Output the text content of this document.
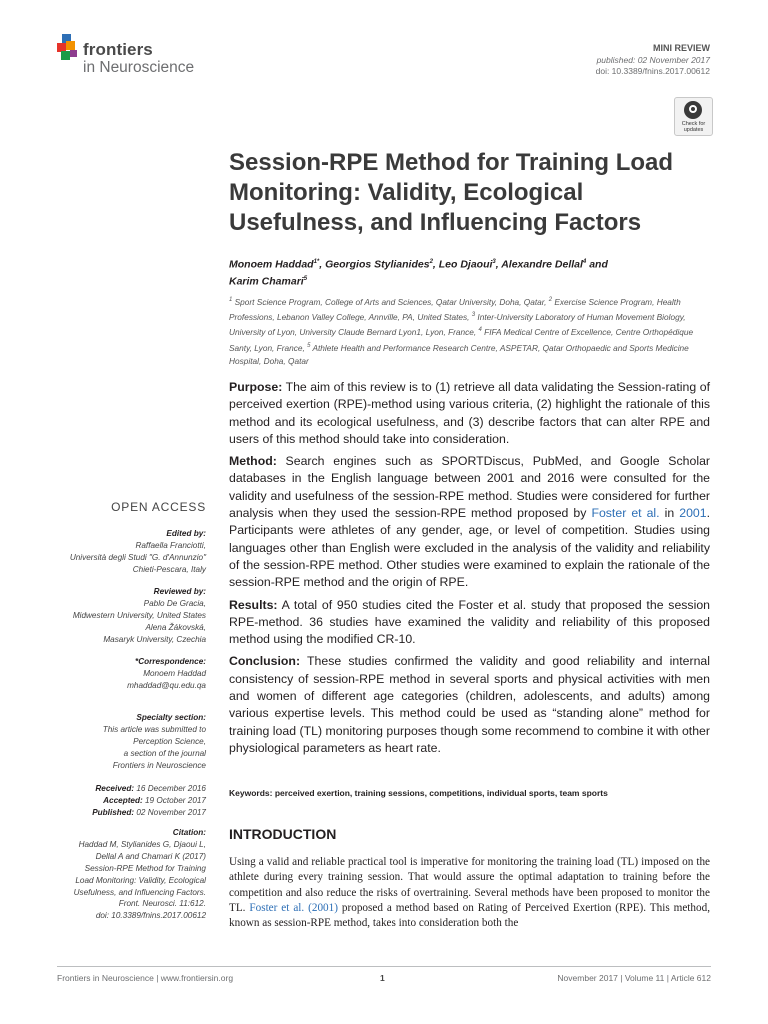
frontiers
in Neuroscience
MINI REVIEW
published: 02 November 2017
doi: 10.3389/fnins.2017.00612
Check for updates
Session-RPE Method for Training Load Monitoring: Validity, Ecological Usefulness, and Influencing Factors
Monoem Haddad$^{1*}$, Georgios Stylianides$^2$, Leo Djaoui$^3$, Alexandre Dellal$^4$ and
Karim Chamari$^5$
$^1$ Sport Science Program, College of Arts and Sciences, Qatar University, Doha, Qatar, $^2$ Exercise Science Program, Health Professions, Lebanon Valley College, Annville, PA, United States, $^3$ Inter-University Laboratory of Human Movement Biology, University of Lyon, University Claude Bernard Lyon1, Lyon, France, $^4$ FIFA Medical Centre of Excellence, Centre Orthopédique Santy, Lyon, France, $^5$ Athlete Health and Performance Research Centre, ASPETAR, Qatar Orthopaedic and Sports Medicine Hospital, Doha, Qatar

Purpose: The aim of this review is to (1) retrieve all data validating the Session-rating of perceived exertion (RPE)-method using various criteria, (2) highlight the rationale of this method and its ecological usefulness, and (3) describe factors that can alter RPE and users of this method should take into consideration.

Method: Search engines such as SPORTDiscus, PubMed, and Google Scholar databases in the English language between 2001 and 2016 were consulted for the validity and usefulness of the session-RPE method. Studies were considered for further analysis when they used the session-RPE method proposed by Foster et al. in 2001. Participants were athletes of any gender, age, or level of competition. Studies using languages other than English were excluded in the analysis of the validity and reliability of the session-RPE method. Other studies were examined to explain the rationale of the session-RPE method and the origin of RPE.

Results: A total of 950 studies cited the Foster et al. study that proposed the session RPE-method. 36 studies have examined the validity and reliability of this proposed method using the modified CR-10.

Conclusion: These studies confirmed the validity and good reliability and internal consistency of session-RPE method in several sports and physical activities with men and women of different age categories (children, adolescents, and adults) among various expertise levels. This method could be used as “standing alone” method for training load (TL) monitoring purposes though some recommend to combine it with other physiological parameters as heart rate.

Keywords: perceived exertion, training sessions, competitions, individual sports, team sports
INTRODUCTION
Using a valid and reliable practical tool is imperative for monitoring the training load (TL) imposed on the athlete during every training session. That would assure the optimal adaptation to training before the competition and also reduce the risks of overtraining. Several methods have been proposed to monitor the TL. Foster et al. (2001) proposed a method based on Rating of Perceived Exertion (RPE). This method, known as session-RPE method, takes into consideration both the
OPEN ACCESS
Edited by:
Raffaella Franciotti,
Università degli Studi "G. d'Annunzio"
Chieti-Pescara, Italy
Reviewed by:
Pablo De Gracia,
Midwestern University, United States
Alena Žákovská,
Masaryk University, Czechia
*Correspondence:
Monoem Haddad
mhaddad@qu.edu.qa
Specialty section:
This article was submitted to
Perception Science,
a section of the journal
Frontiers in Neuroscience
Received: 16 December 2016
Accepted: 19 October 2017
Published: 02 November 2017
Citation:
Haddad M, Stylianides G, Djaoui L,
Dellal A and Chamari K (2017)
Session-RPE Method for Training
Load Monitoring: Validity, Ecological
Usefulness, and Influencing Factors.
Front. Neurosci. 11:612.
doi: 10.3389/fnins.2017.00612
Frontiers in Neuroscience | www.frontiersin.org	1	November 2017 | Volume 11 | Article 612
